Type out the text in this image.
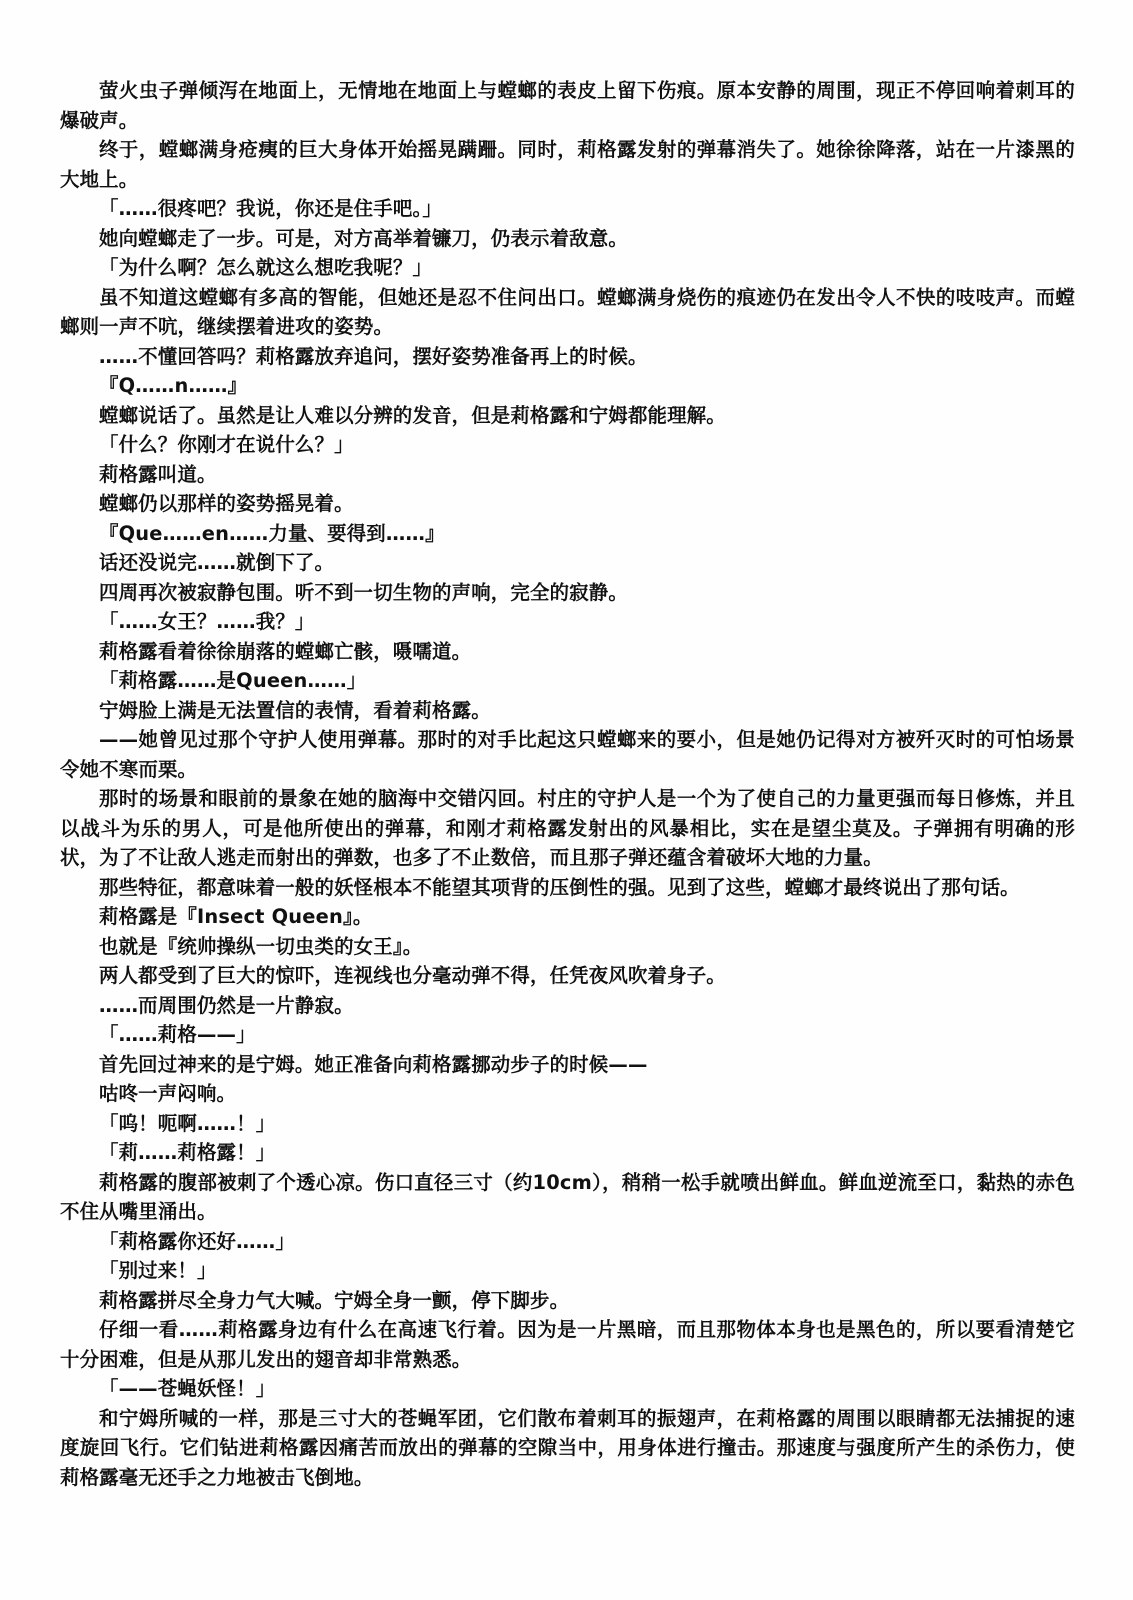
萤火虫子弹倾泻在地面上，无情地在地面上与螳螂的表皮上留下伤痕。原本安静的周围，现正不停回响着刺耳的爆破声。

终于，螳螂满身疮痍的巨大身体开始摇晃蹒跚。同时，莉格露发射的弹幕消失了。她徐徐降落，站在一片漆黑的大地上。

「……很疼吧？我说，你还是住手吧。」

她向螳螂走了一步。可是，对方高举着镰刀，仍表示着敌意。

「为什么啊？怎么就这么想吃我呢？」

虽不知道这螳螂有多高的智能，但她还是忍不住问出口。螳螂满身烧伤的痕迹仍在发出令人不快的吱吱声。而螳螂则一声不吭，继续摆着进攻的姿势。

……不懂回答吗？莉格露放弃追问，摆好姿势准备再上的时候。

『Q……n……』

螳螂说话了。虽然是让人难以分辨的发音，但是莉格露和宁姆都能理解。

「什么？你刚才在说什么？」

莉格露叫道。

螳螂仍以那样的姿势摇晃着。

『Que……en……力量、要得到……』

话还没说完……就倒下了。

四周再次被寂静包围。听不到一切生物的声响，完全的寂静。

「……女王？……我？」

莉格露看着徐徐崩落的螳螂亡骸，嗫嚅道。

「莉格露……是Queen……」

宁姆脸上满是无法置信的表情，看着莉格露。

——她曾见过那个守护人使用弹幕。那时的对手比起这只螳螂来的要小，但是她仍记得对方被歼灭时的可怕场景令她不寒而栗。

那时的场景和眼前的景象在她的脑海中交错闪回。村庄的守护人是一个为了使自己的力量更强而每日修炼，并且以战斗为乐的男人，可是他所使出的弹幕，和刚才莉格露发射出的风暴相比，实在是望尘莫及。子弹拥有明确的形状，为了不让敌人逃走而射出的弹数，也多了不止数倍，而且那子弹还蕴含着破坏大地的力量。

那些特征，都意味着一般的妖怪根本不能望其项背的压倒性的强。见到了这些，螳螂才最终说出了那句话。

莉格露是『Insect Queen』。

也就是『统帅操纵一切虫类的女王』。

两人都受到了巨大的惊吓，连视线也分毫动弹不得，任凭夜风吹着身子。

……而周围仍然是一片静寂。

「……莉格——」

首先回过神来的是宁姆。她正准备向莉格露挪动步子的时候——

咕咚一声闷响。

「呜！呃啊……！」

「莉……莉格露！」

莉格露的腹部被刺了个透心凉。伤口直径三寸（约10cm），稍稍一松手就喷出鲜血。鲜血逆流至口，黏热的赤色不住从嘴里涌出。

「莉格露你还好……」

「别过来！」

莉格露拼尽全身力气大喊。宁姆全身一颤，停下脚步。

仔细一看……莉格露身边有什么在高速飞行着。因为是一片黑暗，而且那物体本身也是黑色的，所以要看清楚它十分困难，但是从那儿发出的翅音却非常熟悉。

「——苍蝇妖怪！」

和宁姆所喊的一样，那是三寸大的苍蝇军团，它们散布着刺耳的振翅声，在莉格露的周围以眼睛都无法捕捉的速度旋回飞行。它们钻进莉格露因痛苦而放出的弹幕的空隙当中，用身体进行撞击。那速度与强度所产生的杀伤力，使莉格露毫无还手之力地被击飞倒地。
